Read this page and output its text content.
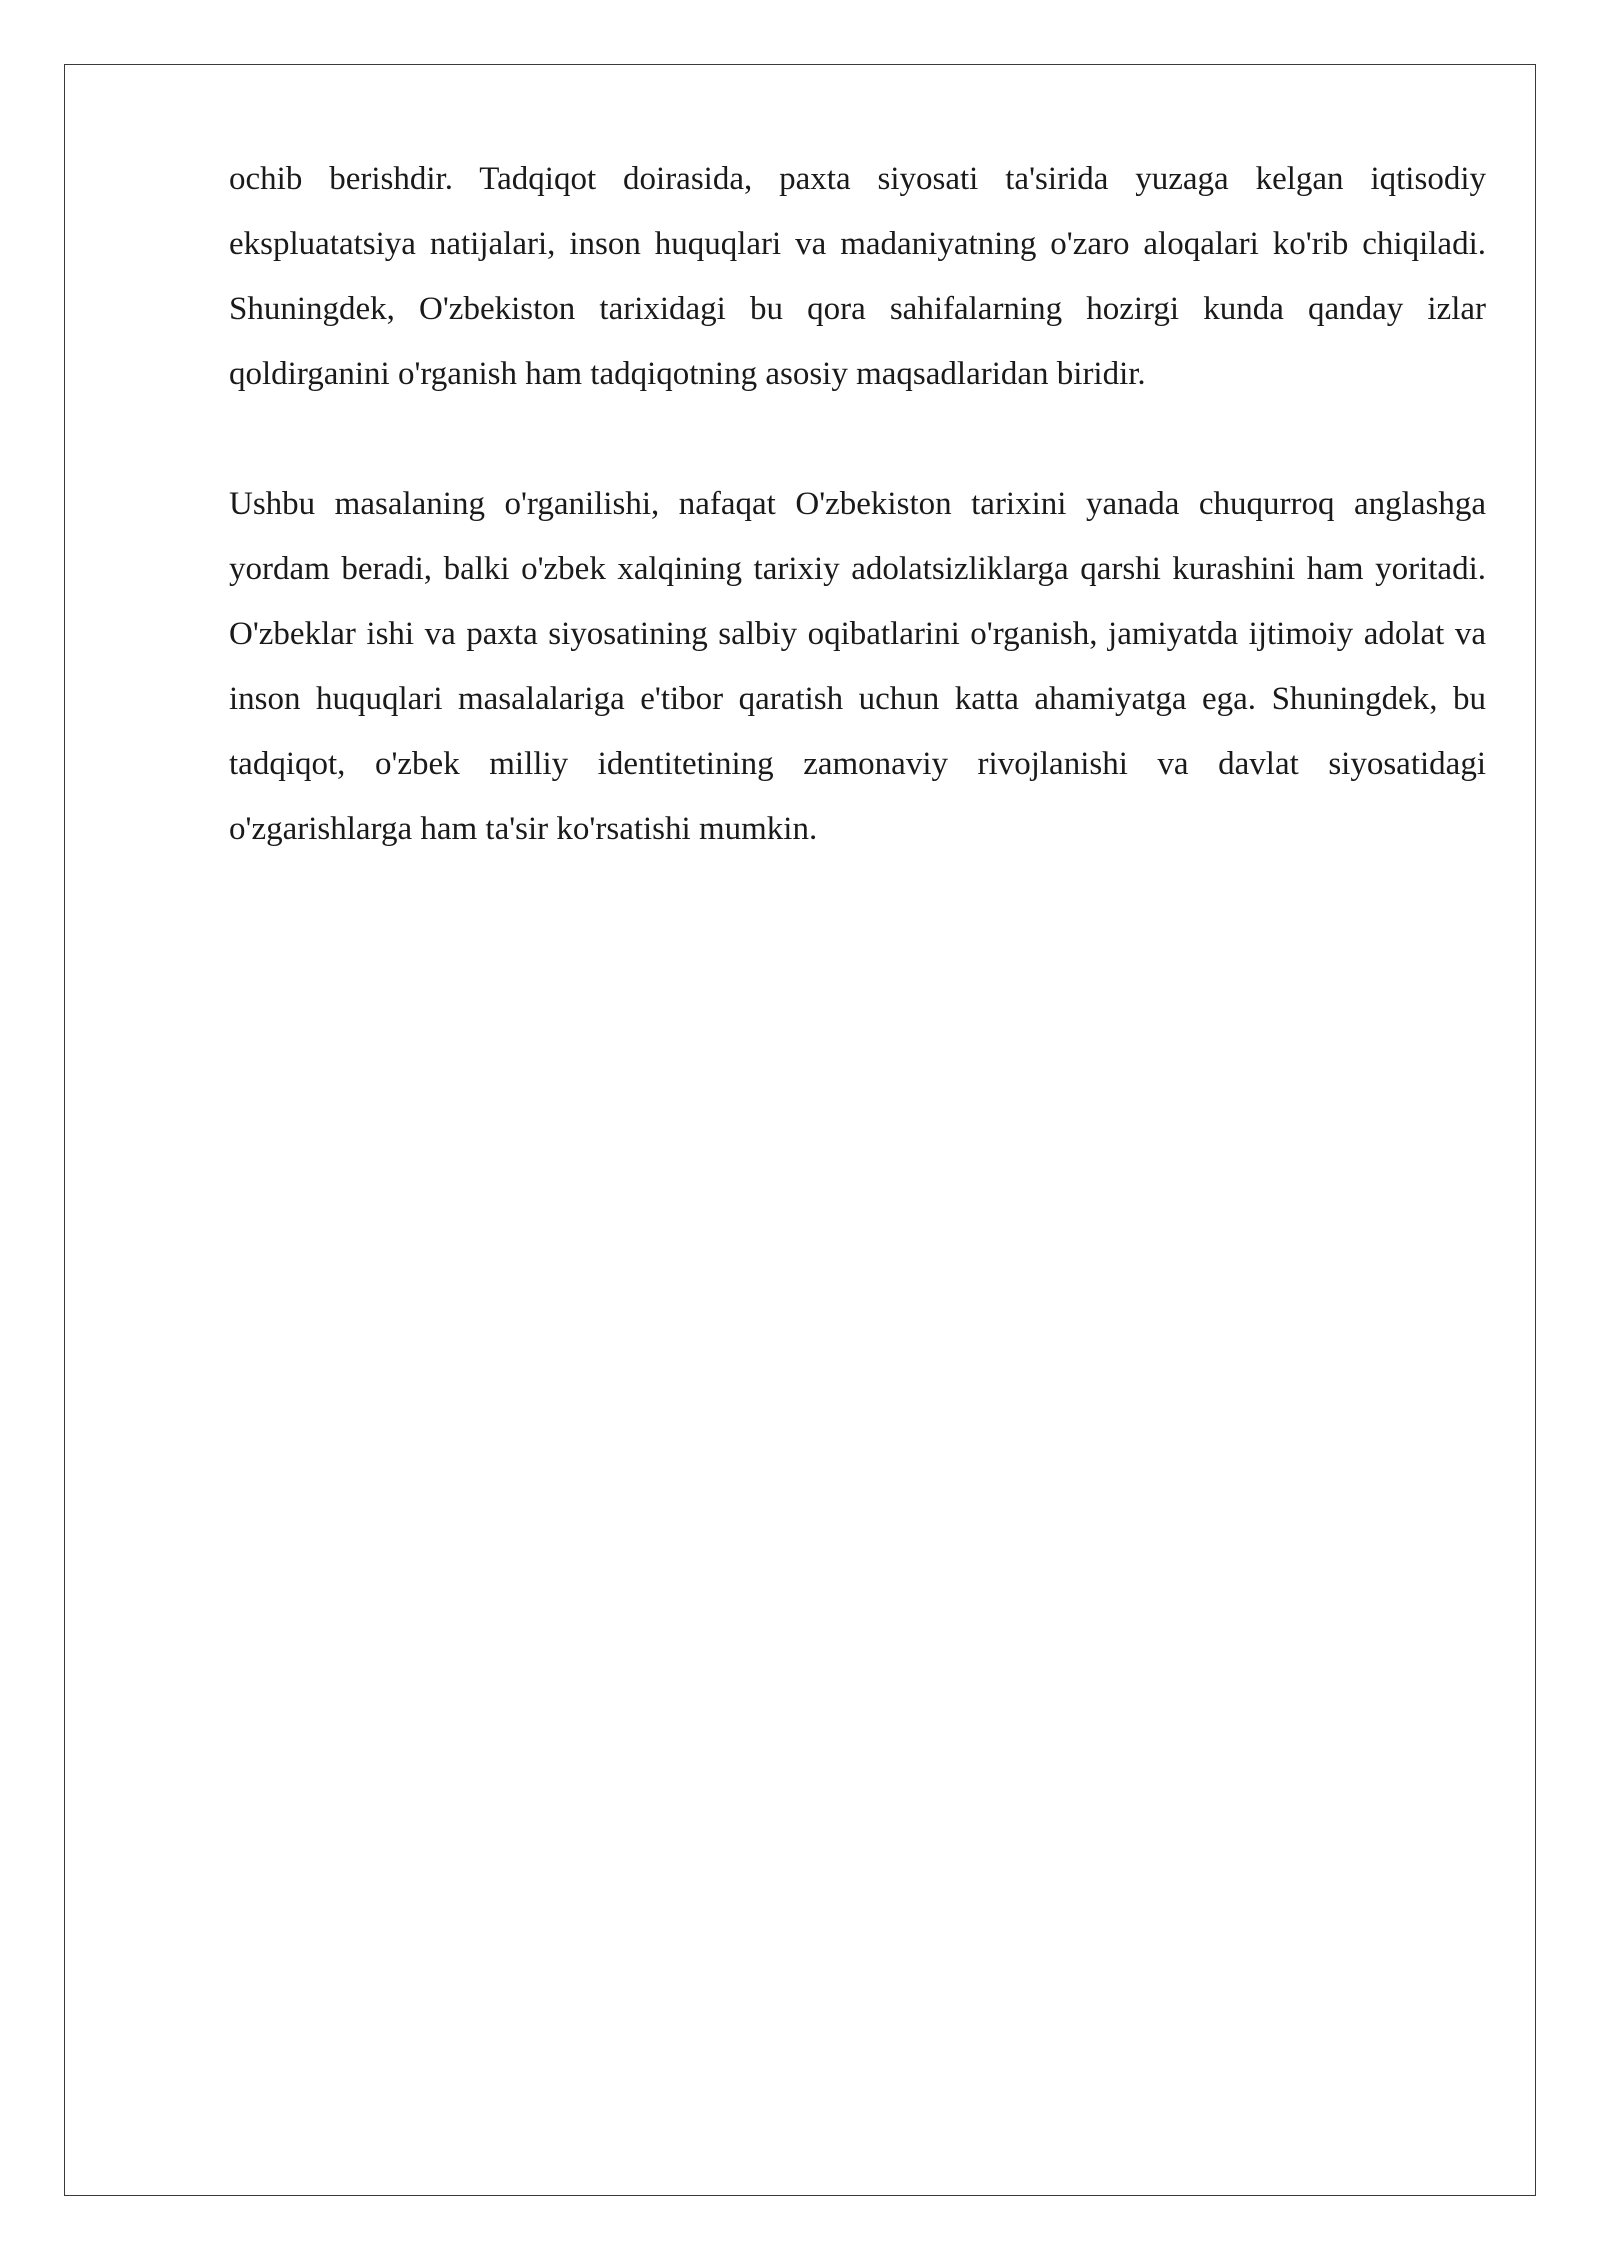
ochib berishdir. Tadqiqot doirasida, paxta siyosati ta'sirida yuzaga kelgan iqtisodiy ekspluatatsiya natijalari, inson huquqlari va madaniyatning o'zaro aloqalari ko'rib chiqiladi. Shuningdek, O'zbekiston tarixidagi bu qora sahifalarning hozirgi kunda qanday izlar qoldirganini o'rganish ham tadqiqotning asosiy maqsadlaridan biridir.

Ushbu masalaning o'rganilishi, nafaqat O'zbekiston tarixini yanada chuqurroq anglashga yordam beradi, balki o'zbek xalqining tarixiy adolatsizliklarga qarshi kurashini ham yoritadi. O'zbeklar ishi va paxta siyosatining salbiy oqibatlarini o'rganish, jamiyatda ijtimoiy adolat va inson huquqlari masalalariga e'tibor qaratish uchun katta ahamiyatga ega. Shuningdek, bu tadqiqot, o'zbek milliy identitetining zamonaviy rivojlanishi va davlat siyosatidagi o'zgarishlarga ham ta'sir ko'rsatishi mumkin.
